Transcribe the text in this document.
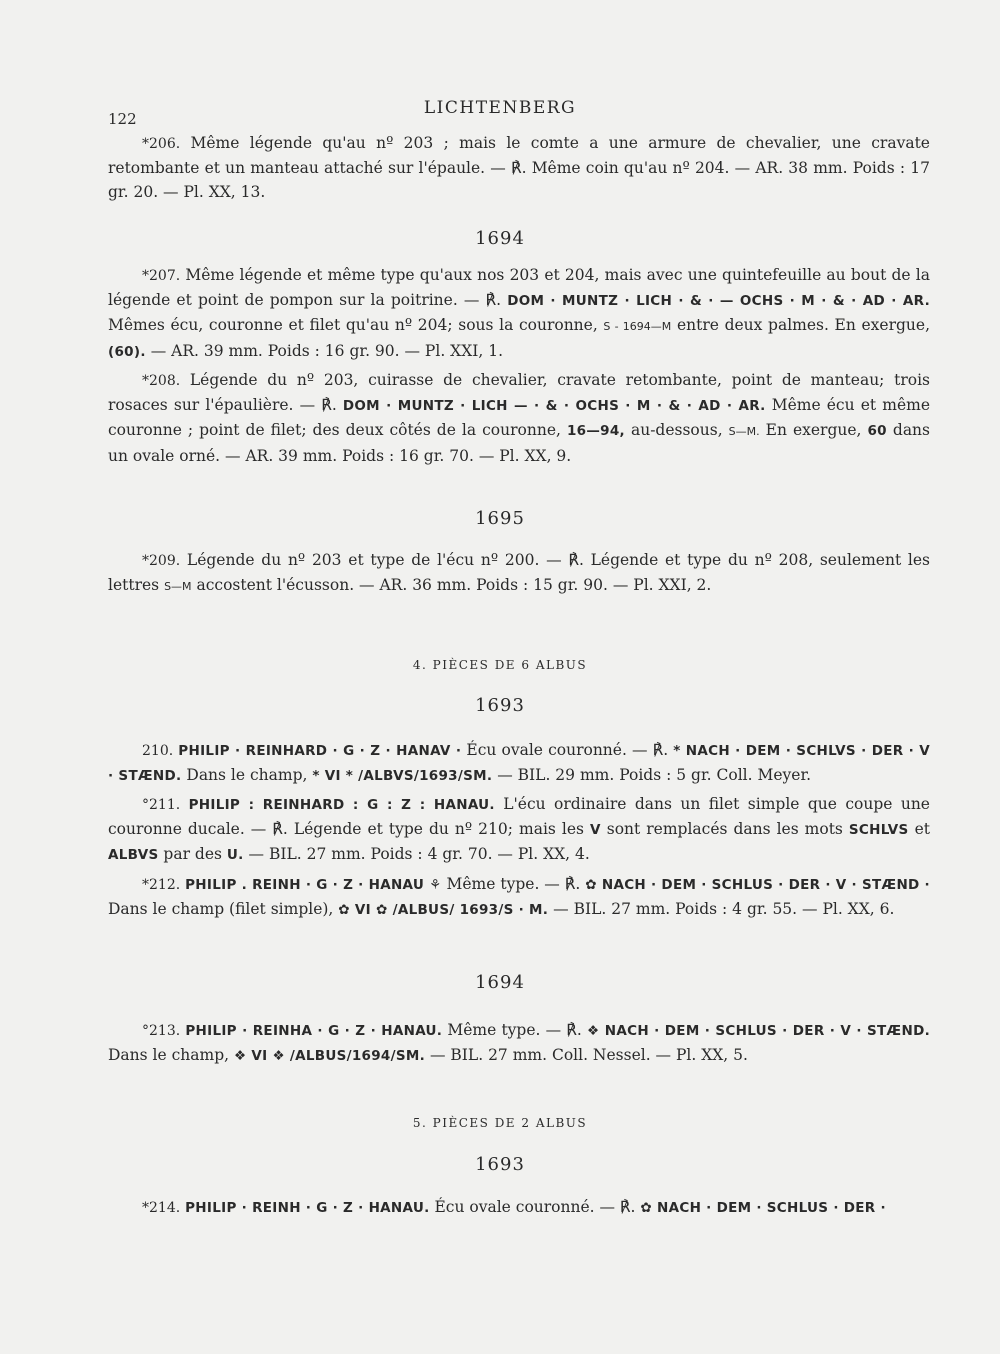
122
LICHTENBERG
*206. Même légende qu'au nº 203 ; mais le comte a une armure de chevalier, une cravate retombante et un manteau attaché sur l'épaule. — ℟. Même coin qu'au nº 204. — AR. 38 mm. Poids : 17 gr. 20. — Pl. XX, 13.
1694
*207. Même légende et même type qu'aux nos 203 et 204, mais avec une quintefeuille au bout de la légende et point de pompon sur la poitrine. — ℟. DOM · MUNTZ · LICH · & · — OCHS · M · & · AD · AR. Mêmes écu, couronne et filet qu'au nº 204; sous la couronne, S - 1694—M entre deux palmes. En exergue, (60). — AR. 39 mm. Poids : 16 gr. 90. — Pl. XXI, 1.
*208. Légende du nº 203, cuirasse de chevalier, cravate retombante, point de manteau; trois rosaces sur l'épaulière. — ℟. DOM · MUNTZ · LICH — · & · OCHS · M · & · AD · AR. Même écu et même couronne ; point de filet; des deux côtés de la couronne, 16—94, au-dessous, S—M. En exergue, 60 dans un ovale orné. — AR. 39 mm. Poids : 16 gr. 70. — Pl. XX, 9.
1695
*209. Légende du nº 203 et type de l'écu nº 200. — ℟. Légende et type du nº 208, seulement les lettres S—M accostent l'écusson. — AR. 36 mm. Poids : 15 gr. 90. — Pl. XXI, 2.
4. PIÈCES DE 6 ALBUS
1693
210. PHILIP · REINHARD · G · Z · HANAV · Écu ovale couronné. — ℟. * NACH · DEM · SCHLVS · DER · V · STÆND. Dans le champ, * VI * /ALBVS/1693/SM. — BIL. 29 mm. Poids : 5 gr. Coll. Meyer.
°211. PHILIP : REINHARD : G : Z : HANAU. L'écu ordinaire dans un filet simple que coupe une couronne ducale. — ℟. Légende et type du nº 210; mais les V sont remplacés dans les mots SCHLVS et ALBVS par des U. — BIL. 27 mm. Poids : 4 gr. 70. — Pl. XX, 4.
*212. PHILIP . REINH · G · Z · HANAU ⚘ Même type. — ℟. ✿ NACH · DEM · SCHLUS · DER · V · STÆND · Dans le champ (filet simple), ✿ VI ✿ /ALBUS/ 1693/S · M. — BIL. 27 mm. Poids : 4 gr. 55. — Pl. XX, 6.
1694
°213. PHILIP · REINHA · G · Z · HANAU. Même type. — ℟. ❖ NACH · DEM · SCHLUS · DER · V · STÆND. Dans le champ, ❖ VI ❖ /ALBUS/1694/SM. — BIL. 27 mm. Coll. Nessel. — Pl. XX, 5.
5. PIÈCES DE 2 ALBUS
1693
*214. PHILIP · REINH · G · Z · HANAU. Écu ovale couronné. — ℟. ✿ NACH · DEM · SCHLUS · DER ·
